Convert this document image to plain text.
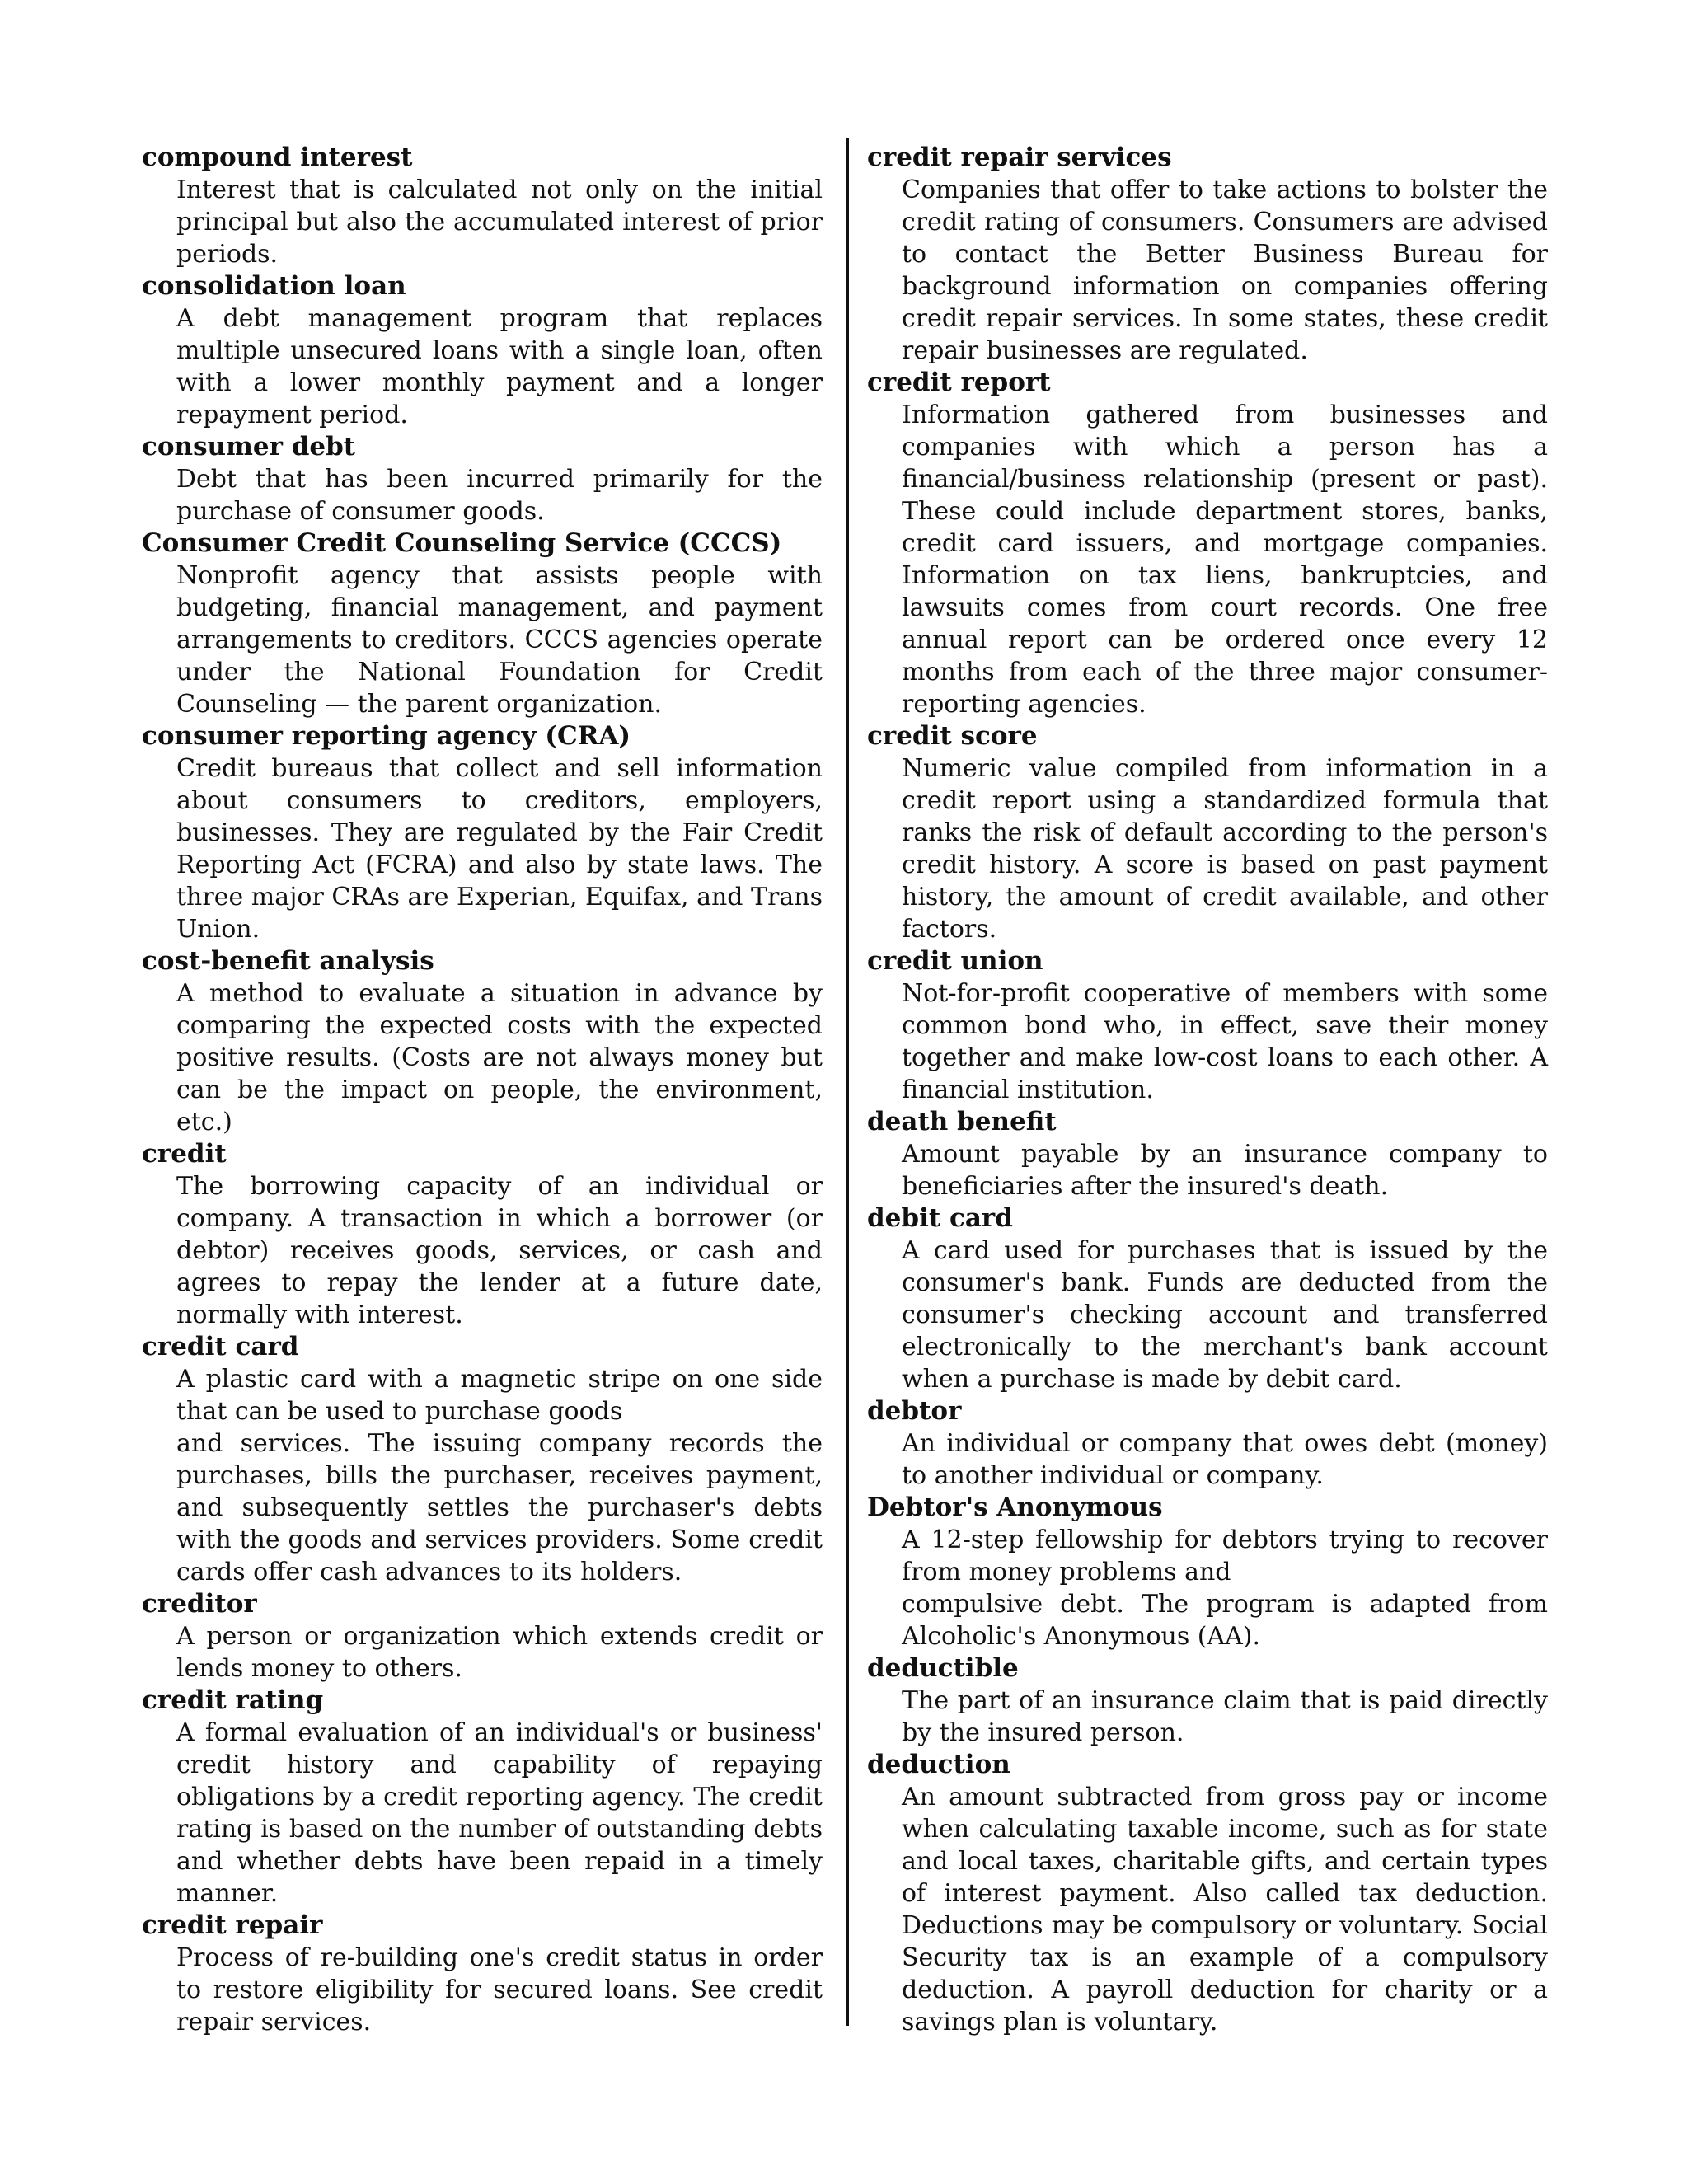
compound interest

Interest that is calculated not only on the initial principal but also the accumulated interest of prior periods.

consolidation loan

A debt management program that replaces multiple unsecured loans with a single loan, often with a lower monthly payment and a longer repayment period.

consumer debt

Debt that has been incurred primarily for the purchase of consumer goods.

Consumer Credit Counseling Service (CCCS)

Nonprofit agency that assists people with budgeting, financial management, and payment arrangements to creditors. CCCS agencies operate under the National Foundation for Credit Counseling — the parent organization.

consumer reporting agency (CRA)

Credit bureaus that collect and sell information about consumers to creditors, employers, businesses. They are regulated by the Fair Credit Reporting Act (FCRA) and also by state laws. The three major CRAs are Experian, Equifax, and Trans Union.

cost-benefit analysis

A method to evaluate a situation in advance by comparing the expected costs with the expected positive results. (Costs are not always money but can be the impact on people, the environment, etc.)

credit

The borrowing capacity of an individual or company. A transaction in which a borrower (or debtor) receives goods, services, or cash and agrees to repay the lender at a future date, normally with interest.

credit card

A plastic card with a magnetic stripe on one side that can be used to purchase goods

and services. The issuing company records the purchases, bills the purchaser, receives payment, and subsequently settles the purchaser's debts with the goods and services providers. Some credit cards offer cash advances to its holders.

creditor

A person or organization which extends credit or lends money to others.

credit rating

A formal evaluation of an individual's or business' credit history and capability of repaying obligations by a credit reporting agency. The credit rating is based on the number of outstanding debts and whether debts have been repaid in a timely manner.

credit repair

Process of re-building one's credit status in order to restore eligibility for secured loans. See credit repair services.

credit repair services

Companies that offer to take actions to bolster the credit rating of consumers. Consumers are advised to contact the Better Business Bureau for background information on companies offering credit repair services. In some states, these credit repair businesses are regulated.

credit report

Information gathered from businesses and companies with which a person has a financial/business relationship (present or past). These could include department stores, banks, credit card issuers, and mortgage companies. Information on tax liens, bankruptcies, and lawsuits comes from court records. One free annual report can be ordered once every 12 months from each of the three major consumer-reporting agencies.

credit score

Numeric value compiled from information in a credit report using a standardized formula that ranks the risk of default according to the person's credit history. A score is based on past payment history, the amount of credit available, and other factors.

credit union

Not-for-profit cooperative of members with some common bond who, in effect, save their money together and make low-cost loans to each other. A financial institution.

death benefit

Amount payable by an insurance company to beneficiaries after the insured's death.

debit card

A card used for purchases that is issued by the consumer's bank. Funds are deducted from the consumer's checking account and transferred electronically to the merchant's bank account when a purchase is made by debit card.

debtor

An individual or company that owes debt (money) to another individual or company.

Debtor's Anonymous

A 12-step fellowship for debtors trying to recover from money problems and

compulsive debt. The program is adapted from Alcoholic's Anonymous (AA).

deductible

The part of an insurance claim that is paid directly by the insured person.

deduction

An amount subtracted from gross pay or income when calculating taxable income, such as for state and local taxes, charitable gifts, and certain types of interest payment. Also called tax deduction. Deductions may be compulsory or voluntary. Social Security tax is an example of a compulsory deduction. A payroll deduction for charity or a savings plan is voluntary.
